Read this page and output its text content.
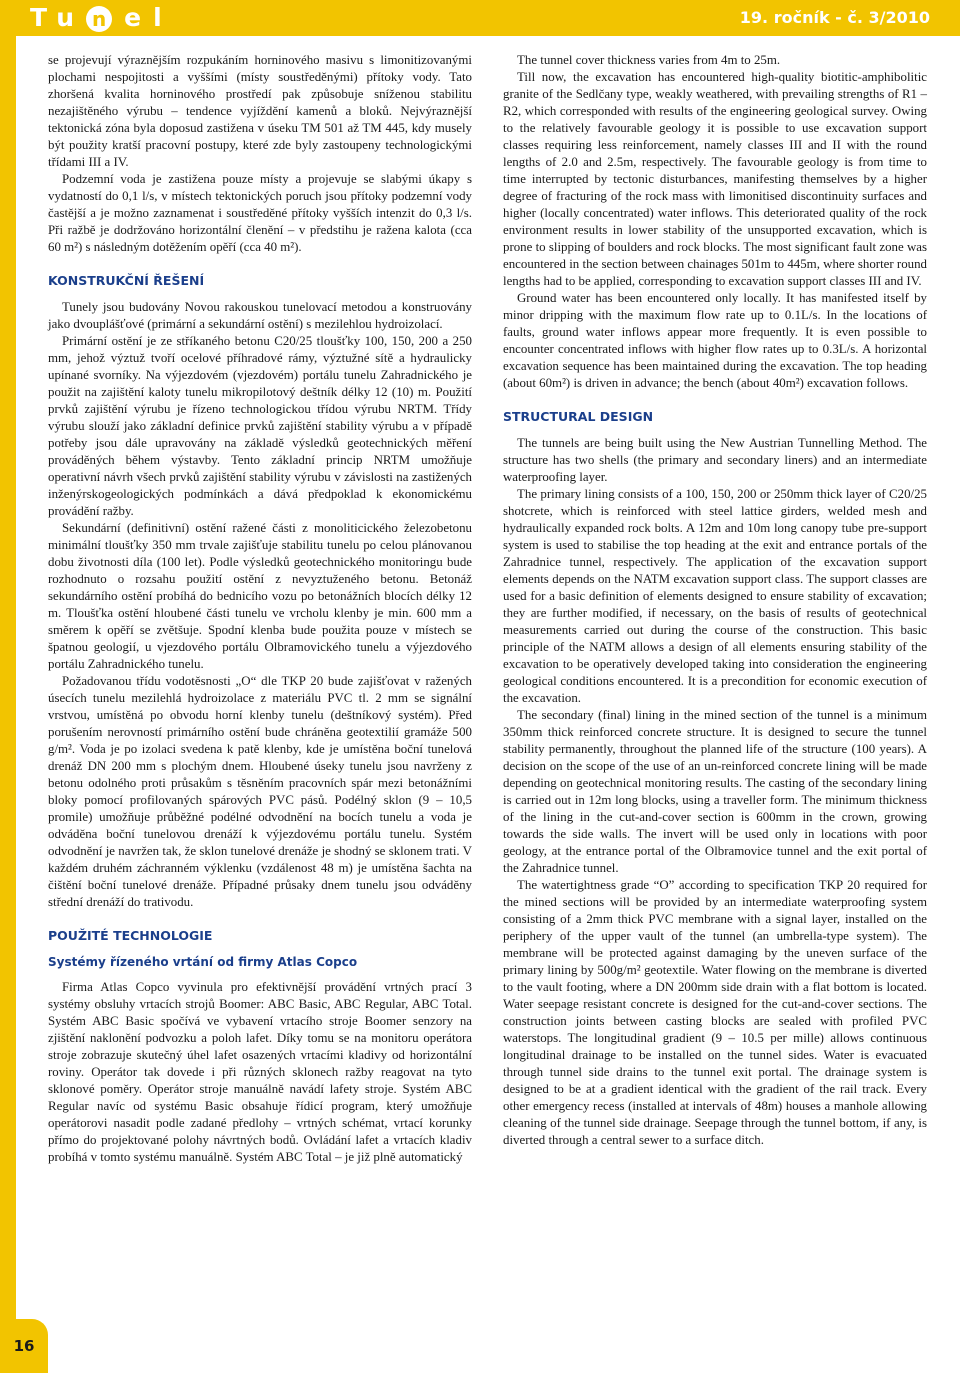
Tu n el	19. ročník - č. 3/2010
16

se projevují výraznějším rozpukáním horninového masivu s limonitizovanými plochami nespojitosti a vyššími (místy soustředěnými) přítoky vody. Tato zhoršená kvalita horninového prostředí pak způsobuje sníženou stabilitu nezajištěného výrubu – tendence vyjíždění kamenů a bloků. Nejvýraznější tektonická zóna byla doposud zastižena v úseku TM 501 až TM 445, kdy musely být použity kratší pracovní postupy, které zde byly zastoupeny technologickými třídami III a IV.

Podzemní voda je zastižena pouze místy a projevuje se slabými úkapy s vydatností do 0,1 l/s, v místech tektonických poruch jsou přítoky podzemní vody častější a je možno zaznamenat i soustředěné přítoky vyšších intenzit do 0,3 l/s. Při ražbě je dodržováno horizontální členění – v předstihu je ražena kalota (cca 60 m²) s následným dotěžením opěří (cca 40 m²).

KONSTRUKČNÍ ŘEŠENÍ

Tunely jsou budovány Novou rakouskou tunelovací metodou a konstruovány jako dvouplášťové (primární a sekundární ostění) s mezilehlou hydroizolací.

Primární ostění je ze stříkaného betonu C20/25 tloušťky 100, 150, 200 a 250 mm, jehož výztuž tvoří ocelové příhradové rámy, výztužné sítě a hydraulicky upínané svorníky. Na výjezdovém (vjezdovém) portálu tunelu Zahradnického je použit na zajištění kaloty tunelu mikropilotový deštník délky 12 (10) m. Použití prvků zajištění výrubu je řízeno technologickou třídou výrubu NRTM. Třídy výrubu slouží jako základní definice prvků zajištění stability výrubu a v případě potřeby jsou dále upravovány na základě výsledků geotechnických měření prováděných během výstavby. Tento základní princip NRTM umožňuje operativní návrh všech prvků zajištění stability výrubu v závislosti na zastižených inženýrskogeologických podmínkách a dává předpoklad k ekonomickému provádění ražby.

Sekundární (definitivní) ostění ražené části z monoliticického železobetonu minimální tloušťky 350 mm trvale zajišťuje stabilitu tunelu po celou plánovanou dobu životnosti díla (100 let). Podle výsledků geotechnického monitoringu bude rozhodnuto o rozsahu použití ostění z nevyztuženého betonu. Betonáž sekundárního ostění probíhá do bednicího vozu po betonážních blocích délky 12 m. Tloušťka ostění hloubené části tunelu ve vrcholu klenby je min. 600 mm a směrem k opěří se zvětšuje. Spodní klenba bude použita pouze v místech se špatnou geologií, u vjezdového portálu Olbramovického tunelu a výjezdového portálu Zahradnického tunelu.

Požadovanou třídu vodotěsnosti „O“ dle TKP 20 bude zajišťovat v ražených úsecích tunelu mezilehlá hydroizolace z materiálu PVC tl. 2 mm se signální vrstvou, umístěná po obvodu horní klenby tunelu (deštníkový systém). Před porušením nerovností primárního ostění bude chráněna geotextilií gramáže 500 g/m². Voda je po izolaci svedena k patě klenby, kde je umístěna boční tunelová drenáž DN 200 mm s plochým dnem. Hloubené úseky tunelu jsou navrženy z betonu odolného proti průsakům s těsněním pracovních spár mezi betonážními bloky pomocí profilovaných spárových PVC pásů. Podélný sklon (9 – 10,5 promile) umožňuje průběžné podélné odvodnění na bocích tunelu a voda je odváděna boční tunelovou drenáží k výjezdovému portálu tunelu. Systém odvodnění je navržen tak, že sklon tunelové drenáže je shodný se sklonem trati. V každém druhém záchranném výklenku (vzdálenost 48 m) je umístěna šachta na čištění boční tunelové drenáže. Případné průsaky dnem tunelu jsou odváděny střední drenáží do trativodu.

POUŽITÉ TECHNOLOGIE
Systémy řízeného vrtání od firmy Atlas Copco

Firma Atlas Copco vyvinula pro efektivnější provádění vrtných prací 3 systémy obsluhy vrtacích strojů Boomer: ABC Basic, ABC Regular, ABC Total. Systém ABC Basic spočívá ve vybavení vrtacího stroje Boomer senzory na zjištění naklonění podvozku a poloh lafet. Díky tomu se na monitoru operátora stroje zobrazuje skutečný úhel lafet osazených vrtacími kladivy od horizontální roviny. Operátor tak dovede i při různých sklonech ražby reagovat na tyto sklonové poměry. Operátor stroje manuálně navádí lafety stroje. Systém ABC Regular navíc od systému Basic obsahuje řídicí program, který umožňuje operátorovi nasadit podle zadané předlohy – vrtných schémat, vrtací korunky přímo do projektované polohy návrtných bodů. Ovládání lafet a vrtacích kladiv probíhá v tomto systému manuálně. Systém ABC Total – je již plně automatický

The tunnel cover thickness varies from 4m to 25m.

Till now, the excavation has encountered high-quality biotitic-amphibolitic granite of the Sedlčany type, weakly weathered, with prevailing strengths of R1 – R2, which corresponded with results of the engineering geological survey. Owing to the relatively favourable geology it is possible to use excavation support classes requiring less reinforcement, namely classes III and II with the round lengths of 2.0 and 2.5m, respectively. The favourable geology is from time to time interrupted by tectonic disturbances, manifesting themselves by a higher degree of fracturing of the rock mass with limonitised discontinuity surfaces and higher (locally concentrated) water inflows. This deteriorated quality of the rock environment results in lower stability of the unsupported excavation, which is prone to slipping of boulders and rock blocks. The most significant fault zone was encountered in the section between chainages 501m to 445m, where shorter round lengths had to be applied, corresponding to excavation support classes III and IV.

Ground water has been encountered only locally. It has manifested itself by minor dripping with the maximum flow rate up to 0.1L/s. In the locations of faults, ground water inflows appear more frequently. It is even possible to encounter concentrated inflows with higher flow rates up to 0.3L/s. A horizontal excavation sequence has been maintained during the excavation. The top heading (about 60m²) is driven in advance; the bench (about 40m²) excavation follows.

STRUCTURAL DESIGN

The tunnels are being built using the New Austrian Tunnelling Method. The structure has two shells (the primary and secondary liners) and an intermediate waterproofing layer.

The primary lining consists of a 100, 150, 200 or 250mm thick layer of C20/25 shotcrete, which is reinforced with steel lattice girders, welded mesh and hydraulically expanded rock bolts. A 12m and 10m long canopy tube pre-support system is used to stabilise the top heading at the exit and entrance portals of the Zahradnice tunnel, respectively. The application of the excavation support elements depends on the NATM excavation support class. The support classes are used for a basic definition of elements designed to ensure stability of excavation; they are further modified, if necessary, on the basis of results of geotechnical measurements carried out during the course of the construction. This basic principle of the NATM allows a design of all elements ensuring stability of the excavation to be operatively developed taking into consideration the engineering geological conditions encountered. It is a precondition for economic execution of the excavation.

The secondary (final) lining in the mined section of the tunnel is a minimum 350mm thick reinforced concrete structure. It is designed to secure the tunnel stability permanently, throughout the planned life of the structure (100 years). A decision on the scope of the use of an un-reinforced concrete lining will be made depending on geotechnical monitoring results. The casting of the secondary lining is carried out in 12m long blocks, using a traveller form. The minimum thickness of the lining in the cut-and-cover section is 600mm in the crown, growing towards the side walls. The invert will be used only in locations with poor geology, at the entrance portal of the Olbramovice tunnel and the exit portal of the Zahradnice tunnel.

The watertightness grade “O” according to specification TKP 20 required for the mined sections will be provided by an intermediate waterproofing system consisting of a 2mm thick PVC membrane with a signal layer, installed on the periphery of the upper vault of the tunnel (an umbrella-type system). The membrane will be protected against damaging by the uneven surface of the primary lining by 500g/m² geotextile. Water flowing on the membrane is diverted to the vault footing, where a DN 200mm side drain with a flat bottom is located. Water seepage resistant concrete is designed for the cut-and-cover sections. The construction joints between casting blocks are sealed with profiled PVC waterstops. The longitudinal gradient (9 – 10.5 per mille) allows continuous longitudinal drainage to be installed on the tunnel sides. Water is evacuated through tunnel side drains to the tunnel exit portal. The drainage system is designed to be at a gradient identical with the gradient of the rail track. Every other emergency recess (installed at intervals of 48m) houses a manhole allowing cleaning of the tunnel side drainage. Seepage through the tunnel bottom, if any, is diverted through a central sewer to a surface ditch.
